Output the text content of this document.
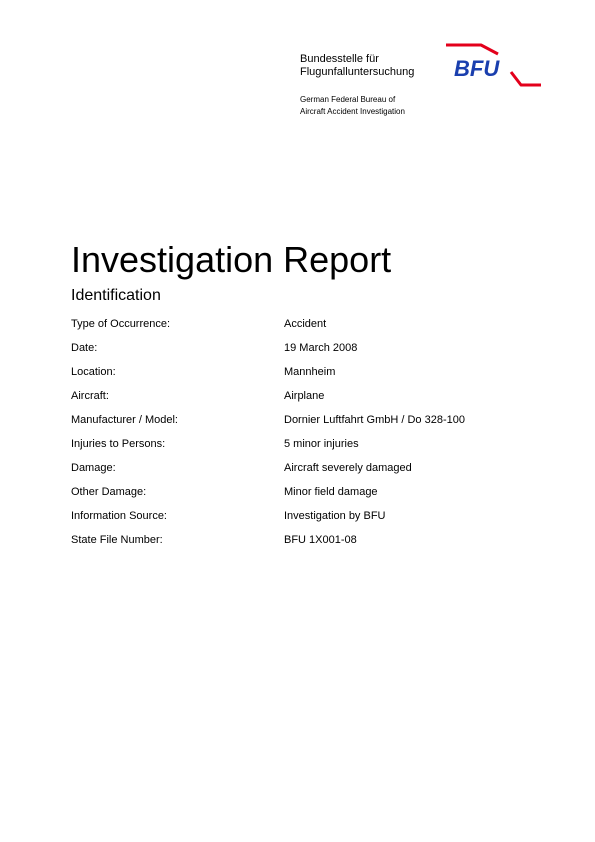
Bundesstelle für
Flugunfalluntersuchung
German Federal Bureau of
Aircraft Accident Investigation
BFU
Investigation Report
Identification
Type of Occurrence:	Accident
Date:	19 March 2008
Location:	Mannheim
Aircraft:	Airplane
Manufacturer / Model:	Dornier Luftfahrt GmbH / Do 328-100
Injuries to Persons:	5 minor injuries
Damage:	Aircraft severely damaged
Other Damage:	Minor field damage
Information Source:	Investigation by BFU
State File Number:	BFU 1X001-08
